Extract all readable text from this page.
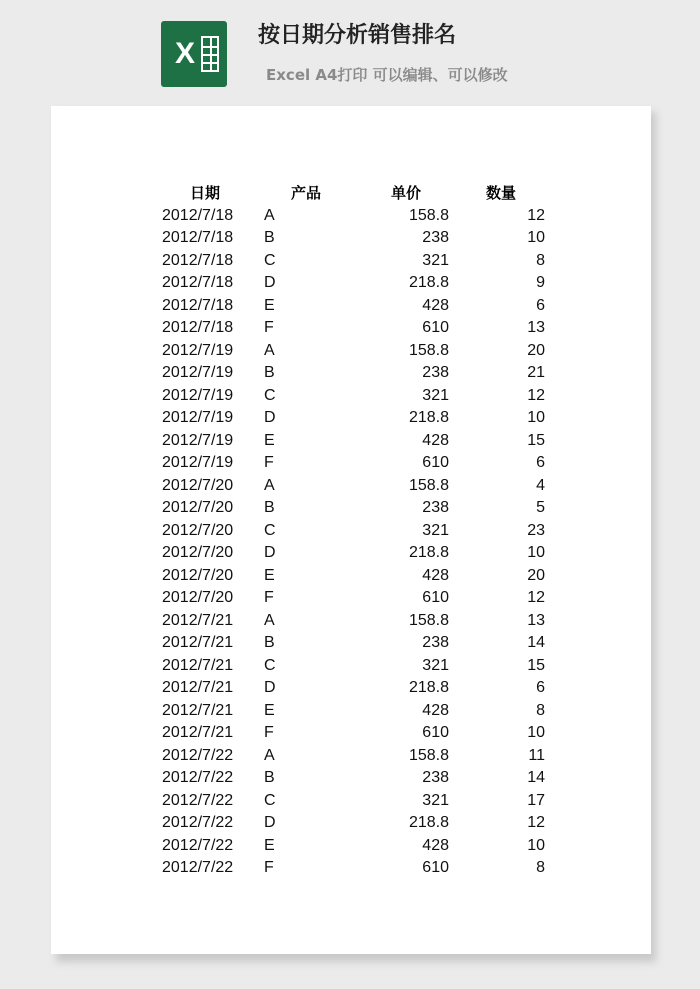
X
按日期分析销售排名
Excel A4打印 可以编辑、可以修改
日期	产品	单价	数量
2012/7/18 A	158.8	12
2012/7/18 B	238	10
2012/7/18 C	321	8
2012/7/18 D	218.8	9
2012/7/18 E	428	6
2012/7/18 F	610	13
2012/7/19 A	158.8	20
2012/7/19 B	238	21
2012/7/19 C	321	12
2012/7/19 D	218.8	10
2012/7/19 E	428	15
2012/7/19 F	610	6
2012/7/20 A	158.8	4
2012/7/20 B	238	5
2012/7/20 C	321	23
2012/7/20 D	218.8	10
2012/7/20 E	428	20
2012/7/20 F	610	12
2012/7/21 A	158.8	13
2012/7/21 B	238	14
2012/7/21 C	321	15
2012/7/21 D	218.8	6
2012/7/21 E	428	8
2012/7/21 F	610	10
2012/7/22 A	158.8	11
2012/7/22 B	238	14
2012/7/22 C	321	17
2012/7/22 D	218.8	12
2012/7/22 E	428	10
2012/7/22 F	610	8
